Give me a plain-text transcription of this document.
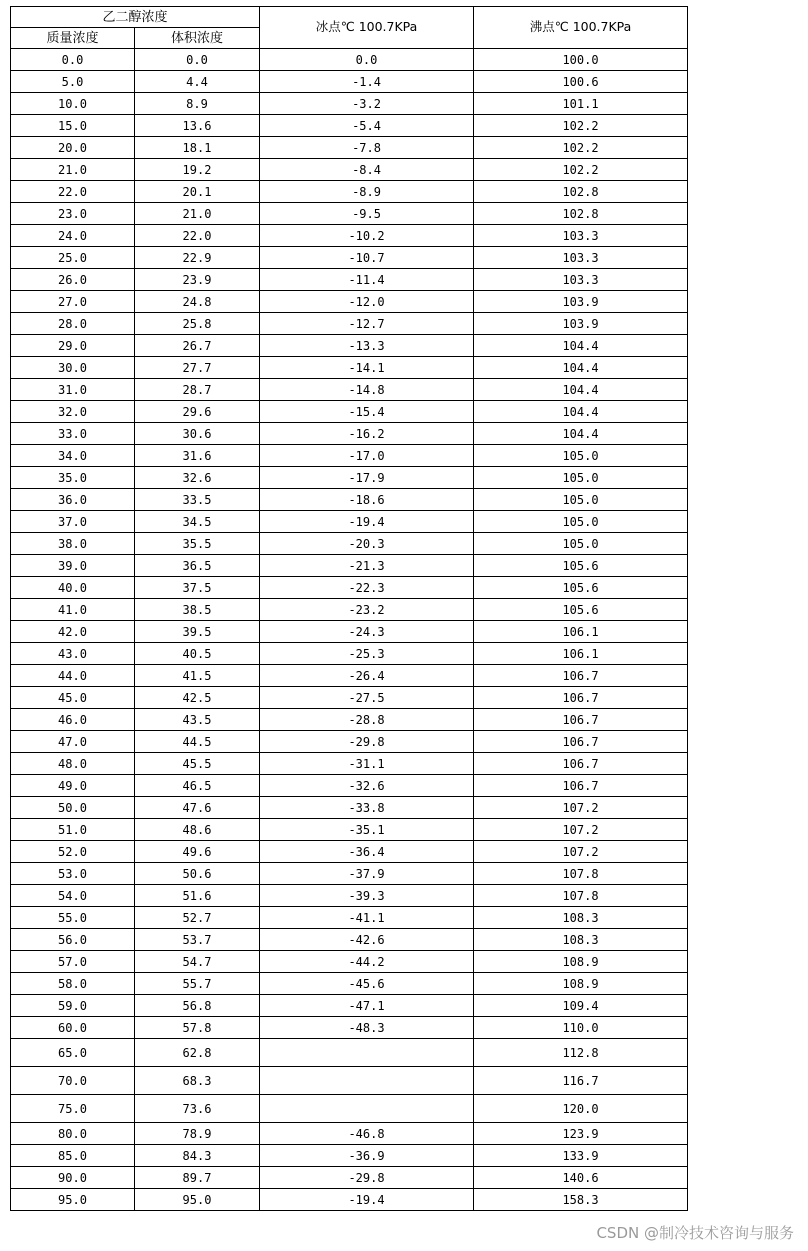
乙二醇浓度		冰点℃ 100.7KPa	沸点℃ 100.7KPa
质量浓度	体积浓度		
0.0	0.0	0.0	100.0
5.0	4.4	-1.4	100.6
10.0	8.9	-3.2	101.1
15.0	13.6	-5.4	102.2
20.0	18.1	-7.8	102.2
21.0	19.2	-8.4	102.2
22.0	20.1	-8.9	102.8
23.0	21.0	-9.5	102.8
24.0	22.0	-10.2	103.3
25.0	22.9	-10.7	103.3
26.0	23.9	-11.4	103.3
27.0	24.8	-12.0	103.9
28.0	25.8	-12.7	103.9
29.0	26.7	-13.3	104.4
30.0	27.7	-14.1	104.4
31.0	28.7	-14.8	104.4
32.0	29.6	-15.4	104.4
33.0	30.6	-16.2	104.4
34.0	31.6	-17.0	105.0
35.0	32.6	-17.9	105.0
36.0	33.5	-18.6	105.0
37.0	34.5	-19.4	105.0
38.0	35.5	-20.3	105.0
39.0	36.5	-21.3	105.6
40.0	37.5	-22.3	105.6
41.0	38.5	-23.2	105.6
42.0	39.5	-24.3	106.1
43.0	40.5	-25.3	106.1
44.0	41.5	-26.4	106.7
45.0	42.5	-27.5	106.7
46.0	43.5	-28.8	106.7
47.0	44.5	-29.8	106.7
48.0	45.5	-31.1	106.7
49.0	46.5	-32.6	106.7
50.0	47.6	-33.8	107.2
51.0	48.6	-35.1	107.2
52.0	49.6	-36.4	107.2
53.0	50.6	-37.9	107.8
54.0	51.6	-39.3	107.8
55.0	52.7	-41.1	108.3
56.0	53.7	-42.6	108.3
57.0	54.7	-44.2	108.9
58.0	55.7	-45.6	108.9
59.0	56.8	-47.1	109.4
60.0	57.8	-48.3	110.0
65.0	62.8		112.8
70.0	68.3		116.7
75.0	73.6		120.0
80.0	78.9	-46.8	123.9
85.0	84.3	-36.9	133.9
90.0	89.7	-29.8	140.6
95.0	95.0	-19.4	158.3
CSDN @制冷技术咨询与服务
